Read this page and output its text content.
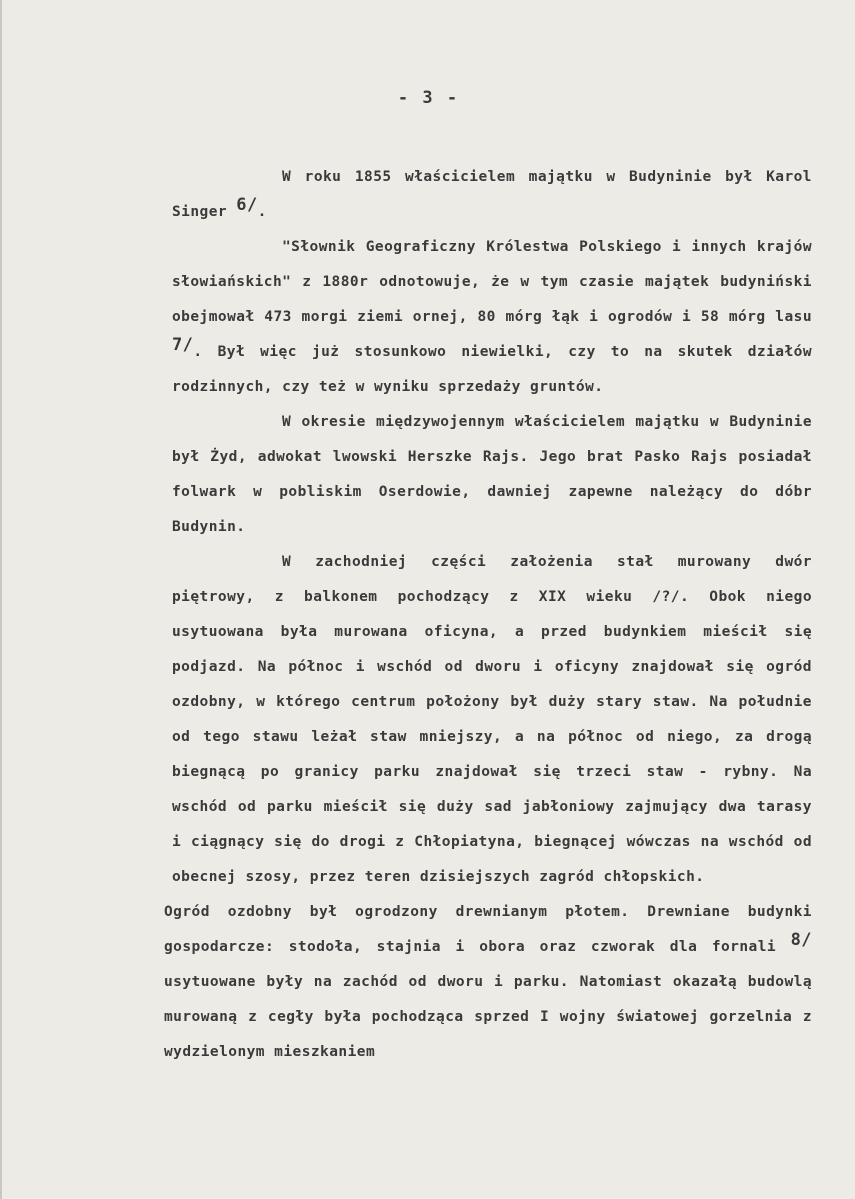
- 3 -

W roku 1855 właścicielem majątku w Budyninie był Karol Singer $^{6/}$.

"Słownik Geograficzny Królestwa Polskiego i innych krajów słowiańskich" z 1880r odnotowuje, że w tym czasie majątek budyniński obejmował 473 morgi ziemi ornej, 80 mórg łąk i ogrodów i 58 mórg lasu $^{7/}$. Był więc już stosunkowo niewielki, czy to na skutek działów rodzinnych, czy też w wyniku sprzedaży gruntów.

W okresie międzywojennym właścicielem majątku w Budyninie był Żyd, adwokat lwowski Herszke Rajs. Jego brat Pasko Rajs posiadał folwark w pobliskim Oserdowie, dawniej zapewne należący do dóbr Budynin.

W zachodniej części założenia stał murowany dwór piętrowy, z balkonem pochodzący z XIX wieku /?/. Obok niego usytuowana była murowana oficyna, a przed budynkiem mieścił się podjazd. Na północ i wschód od dworu i oficyny znajdował się ogród ozdobny, w którego centrum położony był duży stary staw. Na południe od tego stawu leżał staw mniejszy, a na północ od niego, za drogą biegnącą po granicy parku znajdował się trzeci staw - rybny. Na wschód od parku mieścił się duży sad jabłoniowy zajmujący dwa tarasy i ciągnący się do drogi z Chłopiatyna, biegnącej wówczas na wschód od obecnej szosy, przez teren dzisiejszych zagród chłopskich.

Ogród ozdobny był ogrodzony drewnianym płotem. Drewniane budynki gospodarcze: stodoła, stajnia i obora oraz czworak dla fornali $^{8/}$ usytuowane były na zachód od dworu i parku. Natomiast okazałą budowlą murowaną z cegły była pochodząca sprzed I wojny światowej gorzelnia z wydzielonym mieszkaniem
